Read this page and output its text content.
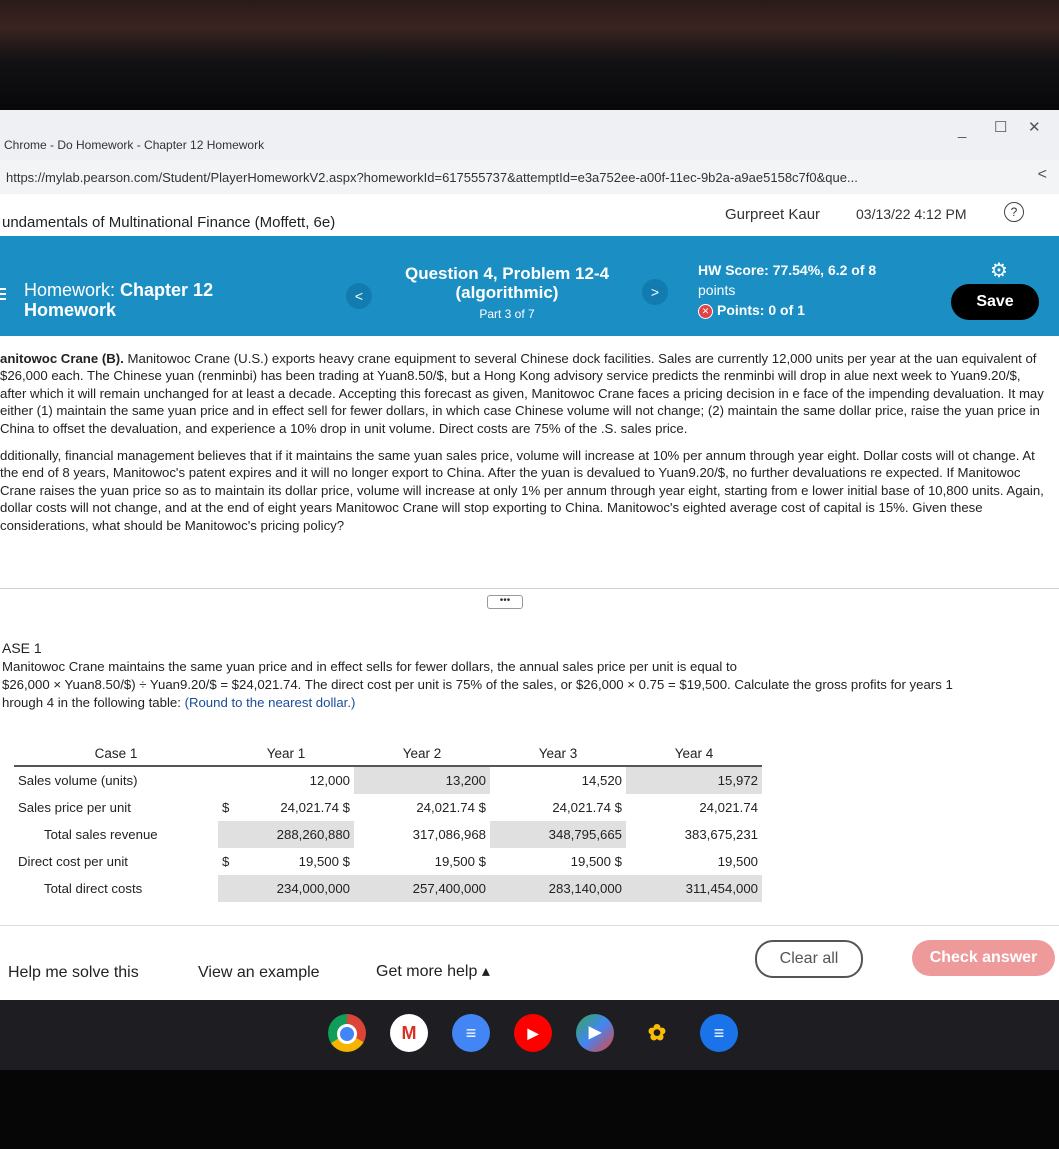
Chrome - Do Homework - Chapter 12 Homework
_ ☐ ✕
https://mylab.pearson.com/Student/PlayerHomeworkV2.aspx?homeworkId=617555737&attemptId=e3a752ee-a00f-11ec-9b2a-a9ae5158c7f0&que...	<
undamentals of Multinational Finance (Moffett, 6e)	Gurpreet Kaur	03/13/22 4:12 PM	?
Homework: Chapter 12
Homework
<
Question 4, Problem 12-4
(algorithmic)
Part 3 of 7
>
HW Score: 77.54%, 6.2 of 8
points
✕ Points: 0 of 1
⚙
Save

anitowoc Crane (B). Manitowoc Crane (U.S.) exports heavy crane equipment to several Chinese dock facilities. Sales are currently 12,000 units per year at the uan equivalent of $26,000 each. The Chinese yuan (renminbi) has been trading at Yuan8.50/$, but a Hong Kong advisory service predicts the renminbi will drop in alue next week to Yuan9.20/$, after which it will remain unchanged for at least a decade. Accepting this forecast as given, Manitowoc Crane faces a pricing decision in e face of the impending devaluation. It may either (1) maintain the same yuan price and in effect sell for fewer dollars, in which case Chinese volume will not change; (2) maintain the same dollar price, raise the yuan price in China to offset the devaluation, and experience a 10% drop in unit volume. Direct costs are 75% of the .S. sales price.

dditionally, financial management believes that if it maintains the same yuan sales price, volume will increase at 10% per annum through year eight. Dollar costs will ot change. At the end of 8 years, Manitowoc's patent expires and it will no longer export to China. After the yuan is devalued to Yuan9.20/$, no further devaluations re expected. If Manitowoc Crane raises the yuan price so as to maintain its dollar price, volume will increase at only 1% per annum through year eight, starting from e lower initial base of 10,800 units. Again, dollar costs will not change, and at the end of eight years Manitowoc Crane will stop exporting to China. Manitowoc's eighted average cost of capital is 15%. Given these considerations, what should be Manitowoc's pricing policy?

•••
ASE 1
Manitowoc Crane maintains the same yuan price and in effect sells for fewer dollars, the annual sales price per unit is equal to
$26,000 × Yuan8.50/$) ÷ Yuan9.20/$ = $24,021.74. The direct cost per unit is 75% of the sales, or $26,000 × 0.75 = $19,500. Calculate the gross profits for years 1
hrough 4 in the following table: (Round to the nearest dollar.)
Case 1	Year 1		Year 2		Year 3		Year 4	
Sales volume (units)		12,000		13,200		14,520		15,972
Sales price per unit	$	24,021.74 $		24,021.74 $		24,021.74 $		24,021.74
Total sales revenue		288,260,880		317,086,968		348,795,665		383,675,231
Direct cost per unit	$	19,500 $		19,500 $		19,500 $		19,500
Total direct costs		234,000,000		257,400,000		283,140,000		311,454,000
Help me solve this	View an example	Get more help ▴
Clear all	Check answer
M	≡	▶	▶	✿	≡
